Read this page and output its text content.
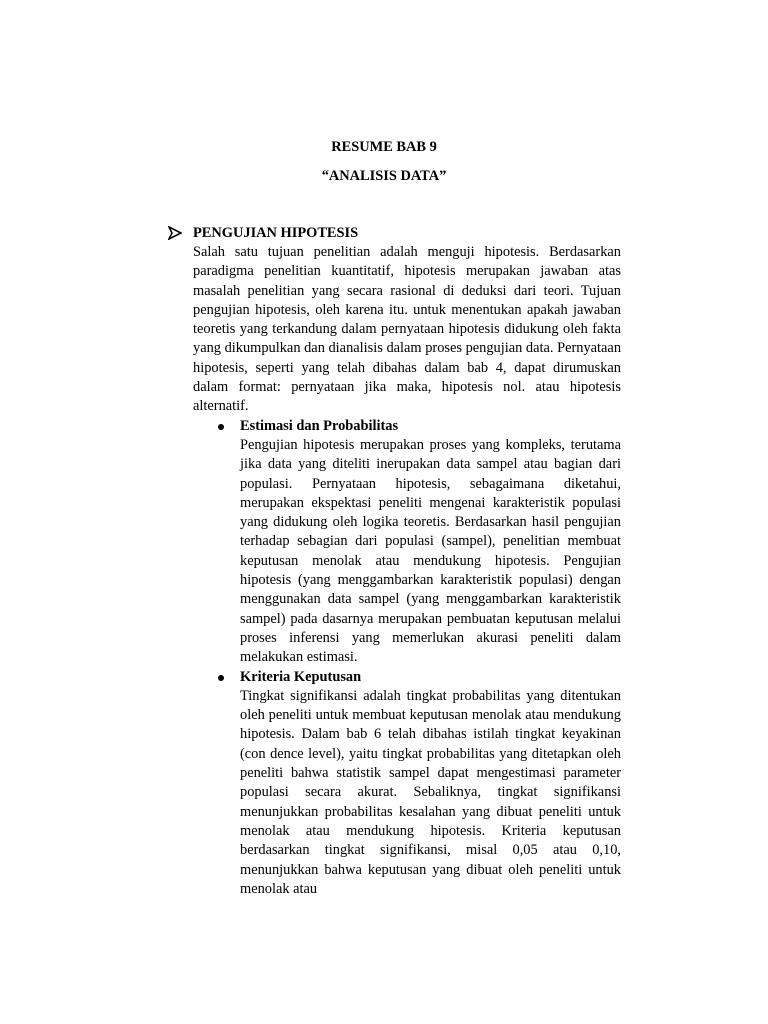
RESUME BAB 9
“ANALISIS DATA”
PENGUJIAN HIPOTESIS

Salah satu tujuan penelitian adalah menguji hipotesis. Berdasarkan paradigma penelitian kuantitatif, hipotesis merupakan jawaban atas masalah penelitian yang secara rasional di deduksi dari teori. Tujuan pengujian hipotesis, oleh karena itu. untuk menentukan apakah jawaban teoretis yang terkandung dalam pernyataan hipotesis didukung oleh fakta yang dikumpulkan dan dianalisis dalam proses pengujian data. Pernyataan hipotesis, seperti yang telah dibahas dalam bab 4, dapat dirumuskan dalam format: pernyataan jika maka, hipotesis nol. atau hipotesis alternatif.

Estimasi dan Probabilitas

Pengujian hipotesis merupakan proses yang kompleks, terutama jika data yang diteliti inerupakan data sampel atau bagian dari populasi. Pernyataan hipotesis, sebagaimana diketahui, merupakan ekspektasi peneliti mengenai karakteristik populasi yang didukung oleh logika teoretis. Berdasarkan hasil pengujian terhadap sebagian dari populasi (sampel), penelitian membuat keputusan menolak atau mendukung hipotesis. Pengujian hipotesis (yang menggambarkan karakteristik populasi) dengan menggunakan data sampel (yang menggambarkan karakteristik sampel) pada dasarnya merupakan pembuatan keputusan melalui proses inferensi yang memerlukan akurasi peneliti dalam melakukan estimasi.

Kriteria Keputusan

Tingkat signifikansi adalah tingkat probabilitas yang ditentukan oleh peneliti untuk membuat keputusan menolak atau mendukung hipotesis. Dalam bab 6 telah dibahas istilah tingkat keyakinan (con dence level), yaitu tingkat probabilitas yang ditetapkan oleh peneliti bahwa statistik sampel dapat mengestimasi parameter populasi secara akurat. Sebaliknya, tingkat signifikansi menunjukkan probabilitas kesalahan yang dibuat peneliti untuk menolak atau mendukung hipotesis. Kriteria keputusan berdasarkan tingkat signifikansi, misal 0,05 atau 0,10, menunjukkan bahwa keputusan yang dibuat oleh peneliti untuk menolak atau
